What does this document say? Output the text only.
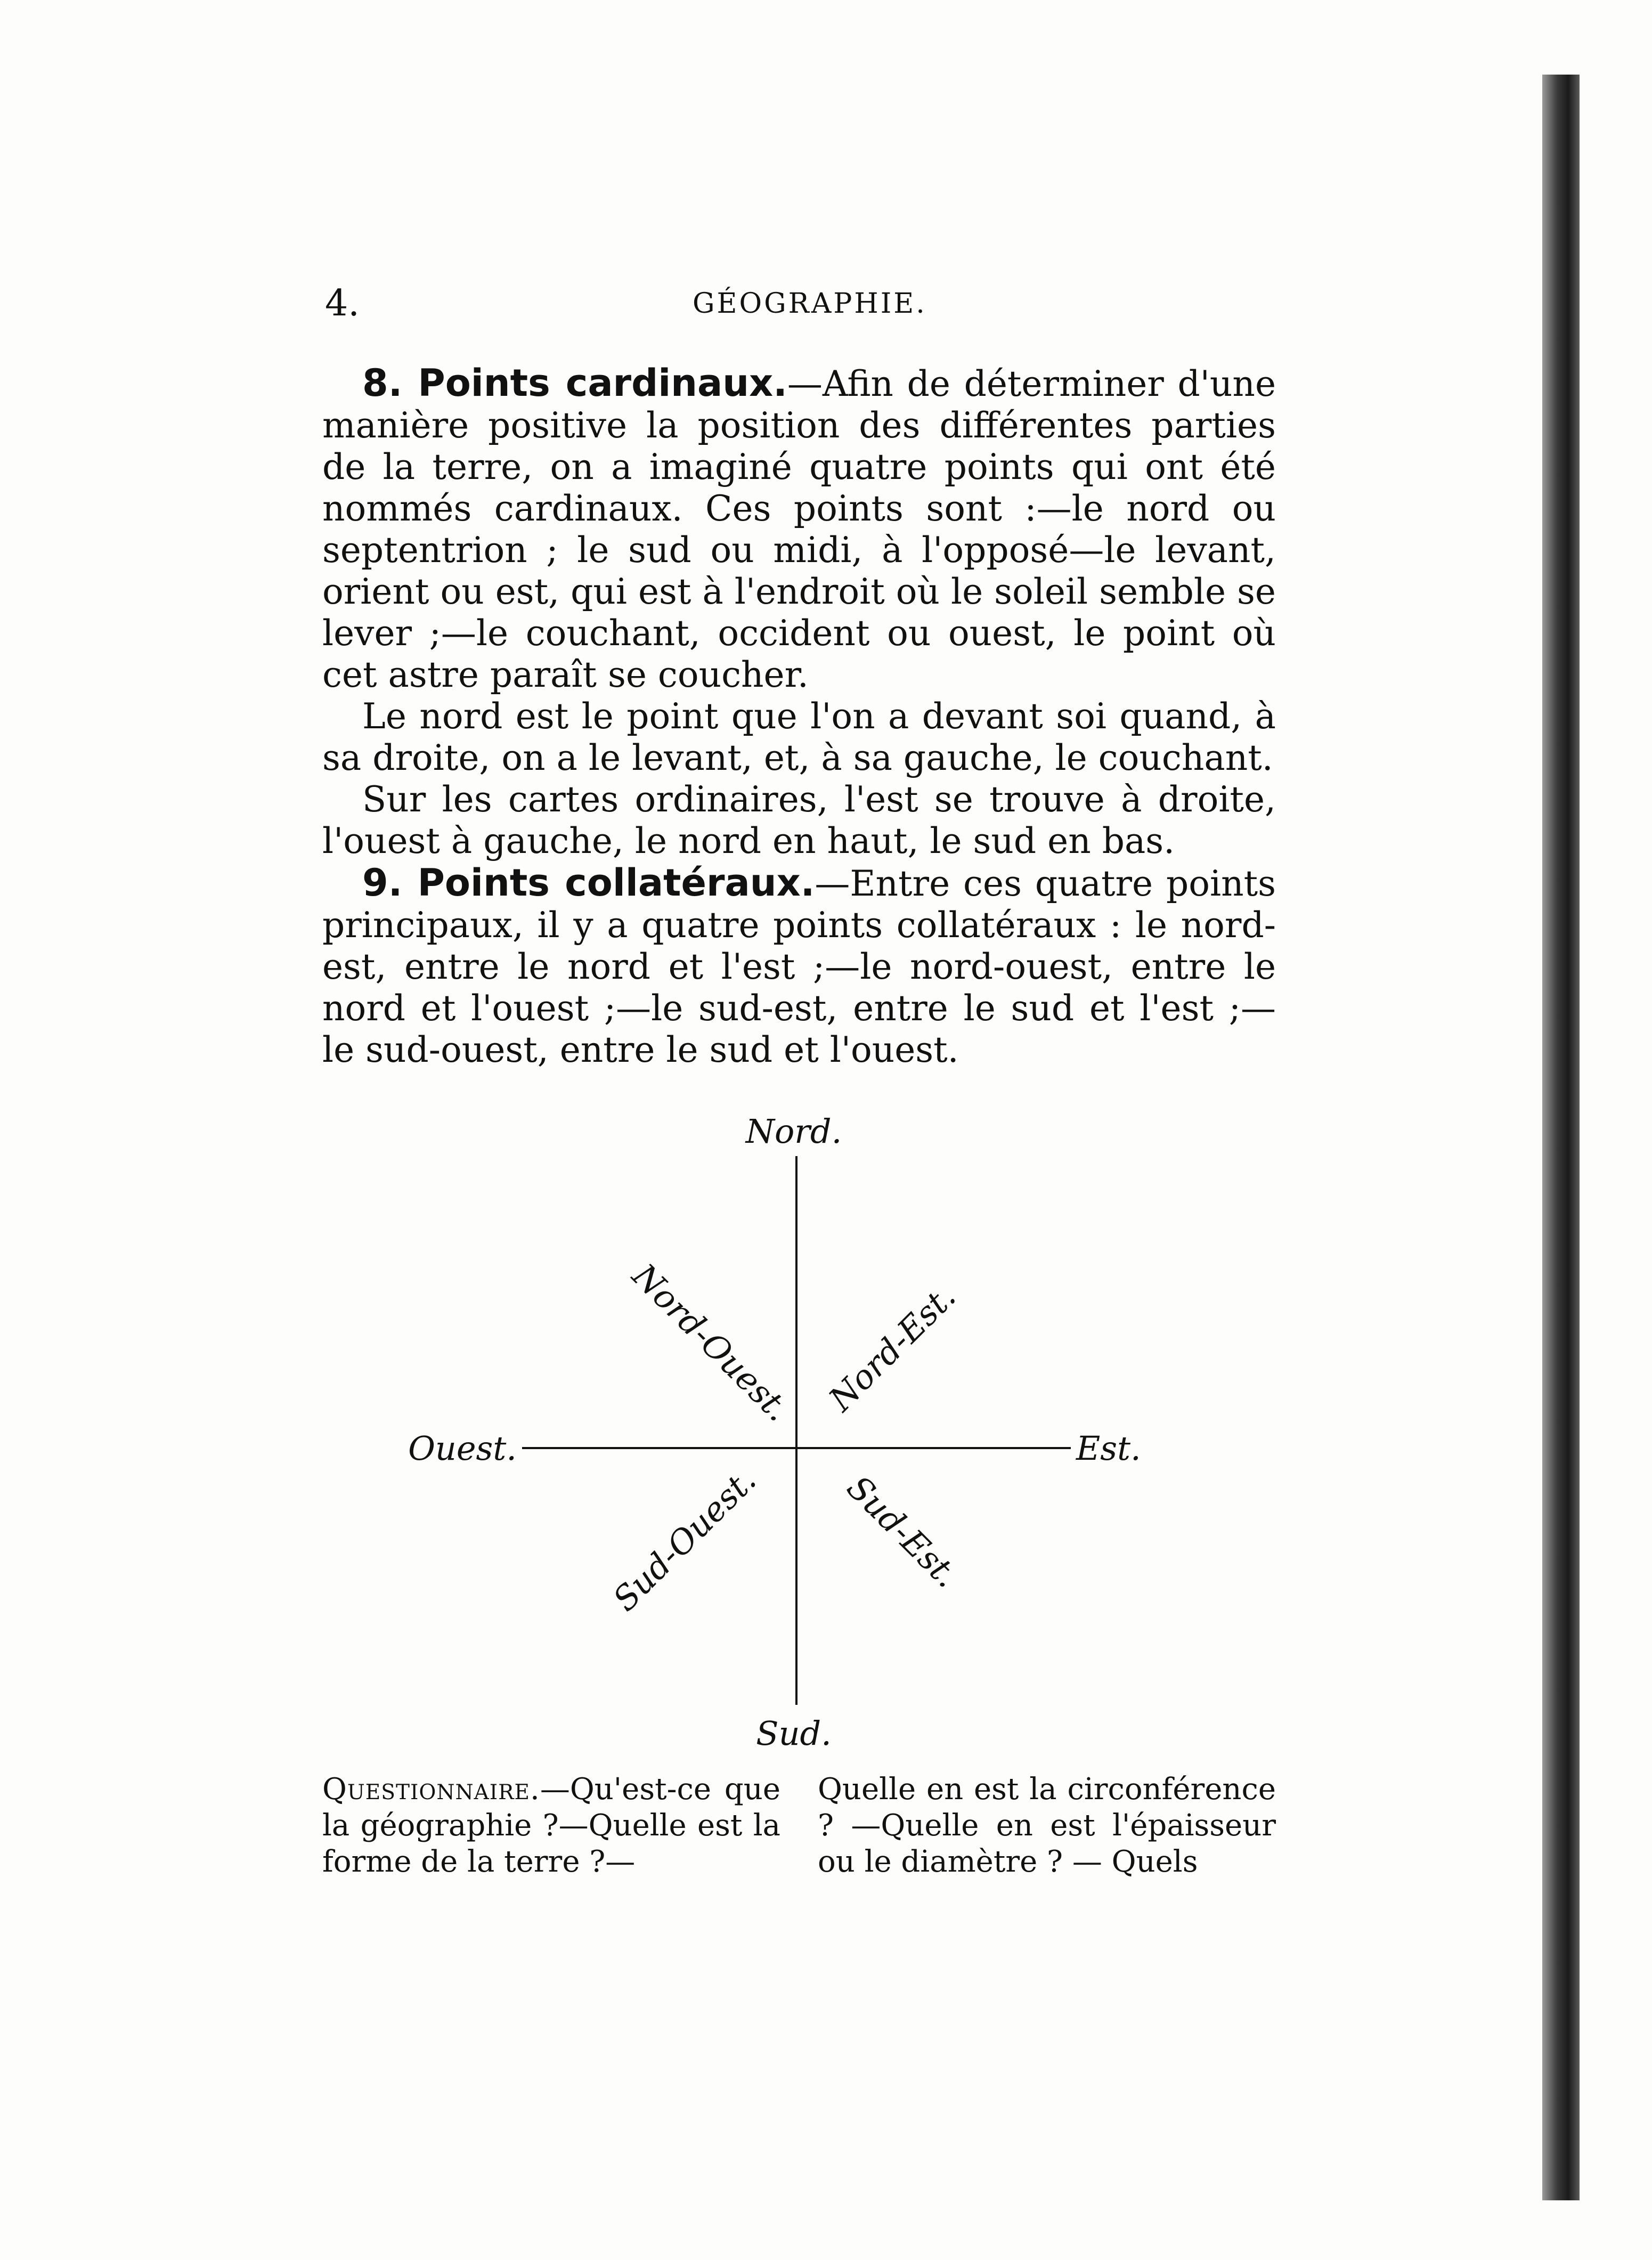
4.	GÉOGRAPHIE.

8. Points cardinaux.—Afin de déterminer d'une manière positive la position des différentes parties de la terre, on a imaginé quatre points qui ont été nommés cardinaux. Ces points sont :—le nord ou septentrion ; le sud ou midi, à l'opposé—le levant, orient ou est, qui est à l'endroit où le soleil semble se lever ;—le couchant, occident ou ouest, le point où cet astre paraît se coucher.

Le nord est le point que l'on a devant soi quand, à sa droite, on a le levant, et, à sa gauche, le couchant.

Sur les cartes ordinaires, l'est se trouve à droite, l'ouest à gauche, le nord en haut, le sud en bas.

9. Points collatéraux.—Entre ces quatre points principaux, il y a quatre points collatéraux : le nord-est, entre le nord et l'est ;—le nord-ouest, entre le nord et l'ouest ;—le sud-est, entre le sud et l'est ;— le sud-ouest, entre le sud et l'ouest.

Nord.
Sud.
Ouest.	Est.
Nord-Ouest. Nord-Est.
Sud-Ouest. Sud-Est.
Questionnaire.—Qu'est-ce que la géographie ?—Quelle est la forme de la terre ?—
Quelle en est la circonférence ? —Quelle en est l'épaisseur ou le diamètre ? — Quels
